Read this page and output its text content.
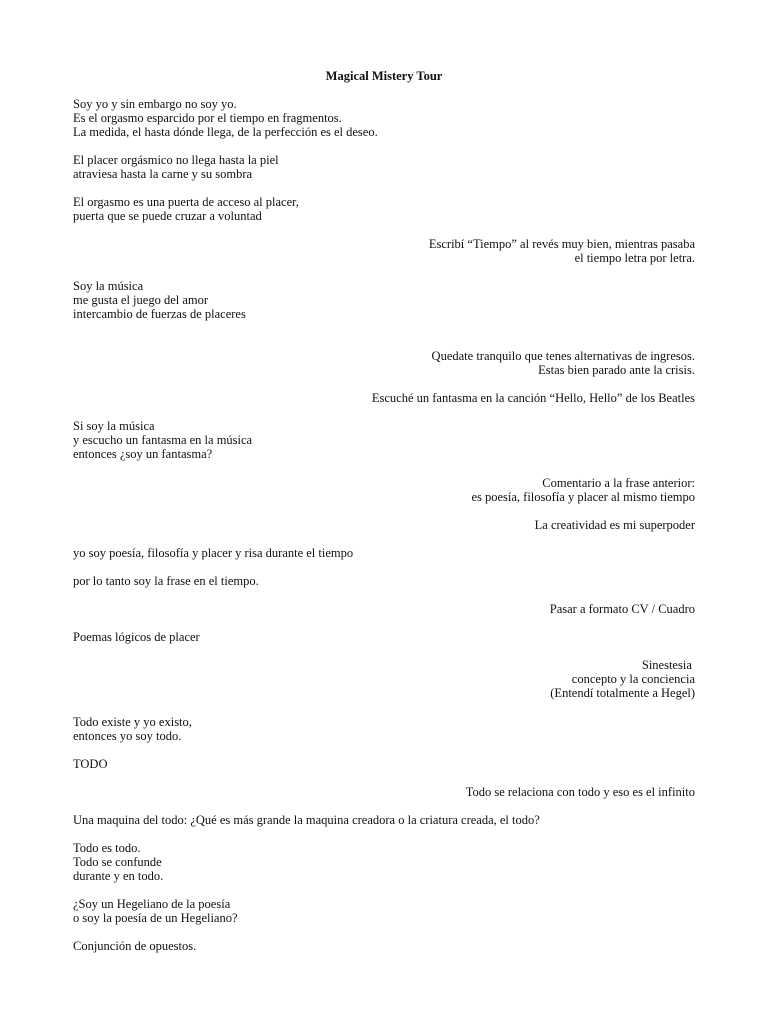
Magical Mistery Tour
Soy yo y sin embargo no soy yo.
Es el orgasmo esparcido por el tiempo en fragmentos.
La medida, el hasta dónde llega, de la perfección es el deseo.
El placer orgásmico no llega hasta la piel
atraviesa hasta la carne y su sombra
El orgasmo es una puerta de acceso al placer,
puerta que se puede cruzar a voluntad
Escribí “Tiempo” al revés muy bien, mientras pasaba
el tiempo letra por letra.
Soy la música
me gusta el juego del amor
intercambio de fuerzas de placeres
Quedate tranquilo que tenes alternativas de ingresos.
Estas bien parado ante la crisis.
Escuché un fantasma en la canción “Hello, Hello” de los Beatles
Si soy la música
y escucho un fantasma en la música
entonces ¿soy un fantasma?
Comentario a la frase anterior:
es poesía, filosofía y placer al mismo tiempo
La creatividad es mi superpoder
yo soy poesía, filosofía y placer y risa durante el tiempo
por lo tanto soy la frase en el tiempo.
Pasar a formato CV / Cuadro
Poemas lógicos de placer
Sinestesia
concepto y la conciencia
(Entendí totalmente a Hegel)
Todo existe y yo existo,
entonces yo soy todo.
TODO
Todo se relaciona con todo y eso es el infinito
Una maquina del todo: ¿Qué es más grande la maquina creadora o la criatura creada, el todo?
Todo es todo.
Todo se confunde
durante y en todo.
¿Soy un Hegeliano de la poesía
o soy la poesía de un Hegeliano?
Conjunción de opuestos.
